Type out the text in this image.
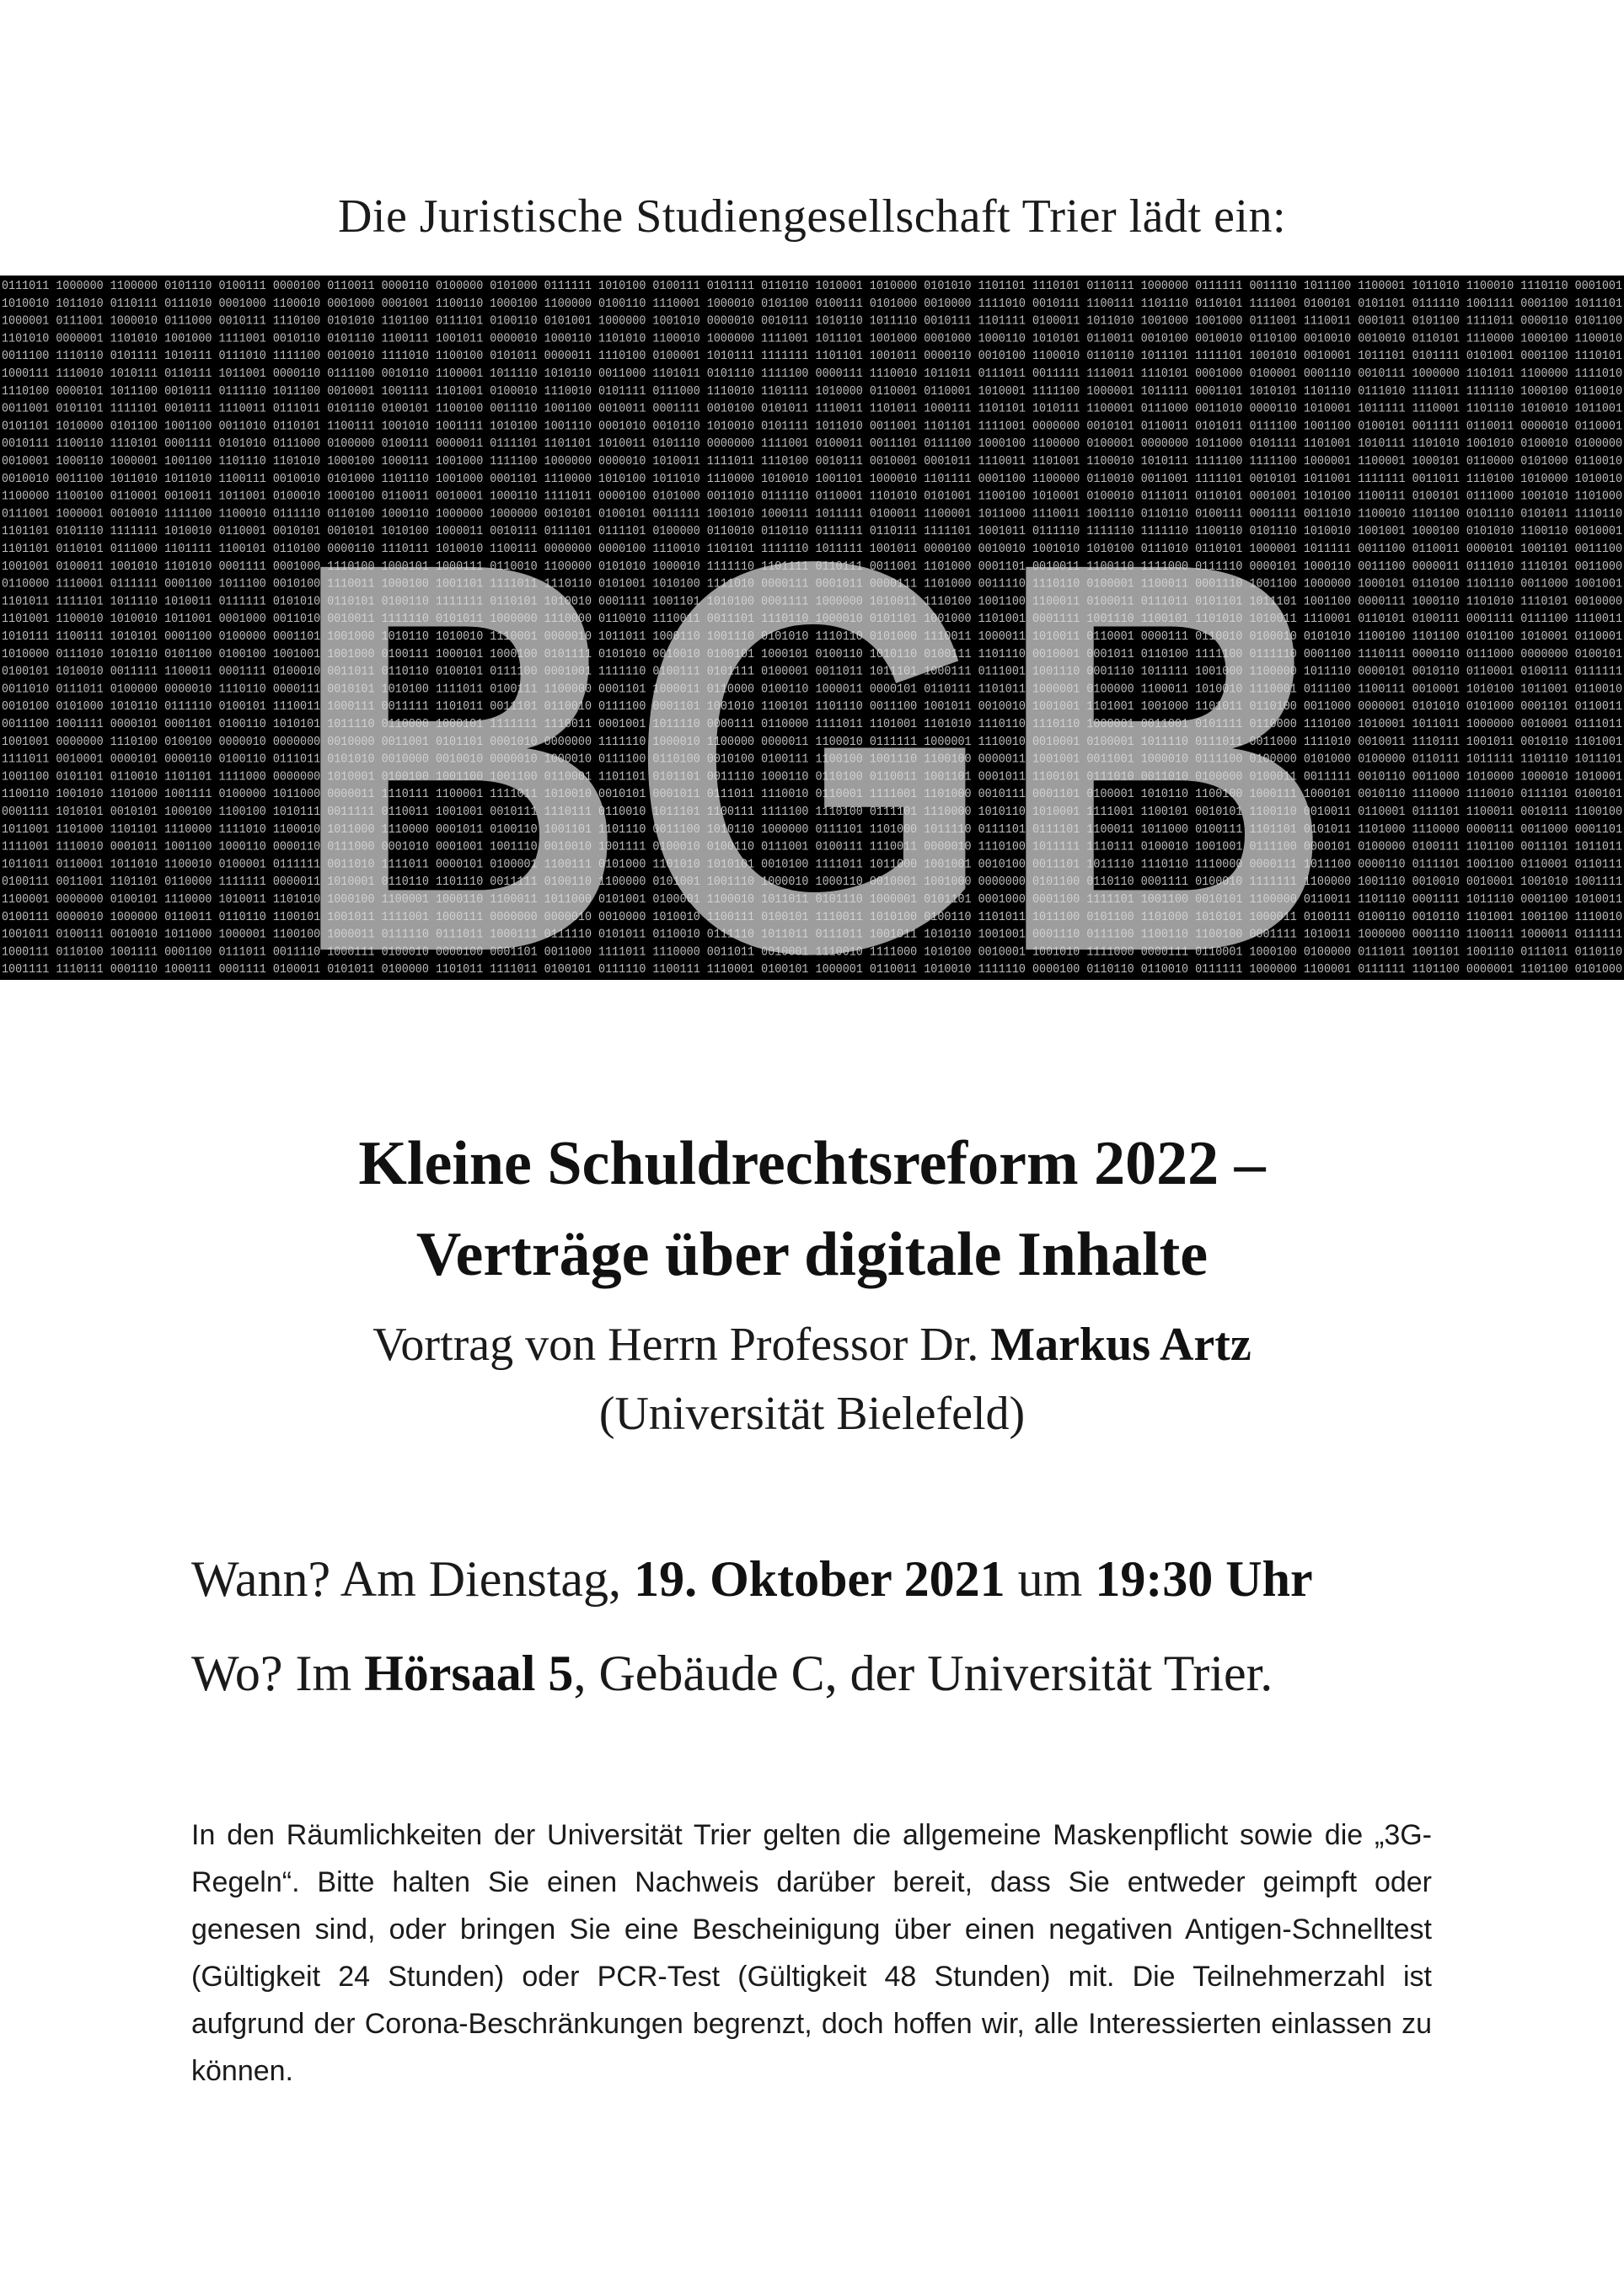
Die Juristische Studiengesellschaft Trier lädt ein:
0111011 1000000 1100000 0101110 0100111 0000100 0110011 0000110 0100000 0101000 0111111 1010100 0100111 0101111 0110110 1010001 1010000 0101010 1101101 1110101 0110111 1000000 0111111 0011110 1011100 1100001 1011010 1100010 1110110 0001001
1010010 1011010 0110111 0111010 0001000 1100010 0001000 0001001 1100110 1000100 1100000 0100110 1110001 1000010 0101100 0100111 0101000 0010000 1111010 0010111 1100111 1101110 0110101 1111001 0100101 0101101 0111110 1001111 0001100 1011101
1000001 0111001 1000010 0111000 0010111 1110100 0101010 1101100 0111101 0100110 0101001 1000000 1001010 0000010 0010111 1010110 1011110 0010111 1101111 0100011 1011010 1001000 1001000 0111001 1110011 0001011 0101100 1111011 0000110 0101100
1101010 0000001 1101010 1001000 1111001 0010110 0101110 1100111 1001011 0000010 1000110 1101010 1100010 1000000 1111001 1011101 1001000 0001000 1000110 1010101 0110011 0010100 0010010 0110100 0010010 0010010 0110101 1110000 1000100 1100010
0011100 1110110 0101111 1010111 0111010 1111100 0010010 1111010 1100100 0101011 0000011 1110100 0100001 1010111 1111111 1101101 1001011 0000110 0010100 1100010 0110110 1011101 1111101 1001010 0010001 1011101 0101111 0101001 0001100 1110101
1000111 1110010 1010111 0110111 1011001 0000110 0111100 0010110 1100001 1011110 1010110 0011000 1101011 0101110 1111100 0000111 1110010 1011011 0111011 0011111 1110011 1110101 0001000 0100001 0001110 0010111 1000000 1101011 1100000 1111010
1110100 0000101 1011100 0010111 0111110 1011100 0010001 1001111 1101001 0100010 1110010 0101111 0111000 1110010 1101111 1010000 0110001 0110001 1010001 1111100 1000001 1011111 0001101 1010101 1101110 0111010 1111011 1111110 1000100 0110010
0011001 0101101 1111101 0010111 1110011 0111011 0101110 0100101 1100100 0011110 1001100 0010011 0001111 0010100 0101011 1110011 1101011 1000111 1101101 1010111 1100001 0111000 0011010 0000110 1010001 1011111 1110001 1101110 1010010 1011001
0101101 1010000 0101100 1001100 0011010 0110101 1100111 1001010 1001111 1010100 1001110 0001010 0010110 1010010 0101111 1011010 0011001 1101101 1111001 0000000 0010101 0110011 0101011 0111100 1001100 0100101 0011111 0110011 0000010 0110001
0010111 1100110 1110101 0001111 0101010 0111000 0100000 0100111 0000011 0111101 1101101 1010011 0101110 0000000 1111001 0100011 0011101 0111100 1000100 1100000 0100001 0000000 1011000 0101111 1101001 1010111 1101010 1001010 0100010 0100000
0010001 1000110 1000001 1001100 1101110 1101010 1000100 1000111 1001000 1111100 1000000 0000010 1010011 1111011 1110100 0010111 0010001 0001011 1110011 1101001 1100010 1010111 1111100 1111100 1000001 1100001 1000101 0110000 0101000 0110010
0010010 0011100 1011010 1011010 1100111 0010010 0101000 1101110 1001000 0001101 1110000 1010100 1011010 1110000 1010010 1001101 1000010 1101111 0001100 1100000 0110010 0011001 1111101 0010101 1011001 1111111 0011011 1110100 1010000 1010010
1100000 1100100 0110001 0010011 1011001 0100010 1000100 0110011 0010001 1000110 1111011 0000100 0101000 0011010 0111110 0110001 1101010 0101001 1100100 1010001 0100010 0111011 0110101 0001001 1010100 1100111 0100101 0111000 1001010 1101000
0111001 1000001 0010010 1111100 1100010 0111110 0110100 1000110 1000000 1000000 0010101 0100101 0011111 1001010 1000111 1011111 0100011 1100001 1011000 1110011 1001110 0110110 0100111 0001111 0011010 1100010 1101100 0101110 0101011 1110110
1101101 0101110 1111111 1010010 0110001 0010101 0010101 1010100 1000011 0010111 0111101 0111101 0100000 0110010 0110110 0111111 0110111 1111101 1001011 0111110 1111110 1111110 1100110 0101110 1010010 1001001 1000100 0101010 1100110 0010001
1101101 0110101 0111000 1101111 1100101 0110100 0000110 1110111 1010010 1100111 0000000 0000100 1110010 1101101 1111110 1011111 1001011 0000100 0010010 1001010 1010100 0111010 0110101 1000001 1011111 0011100 0110011 0000101 1001101 0011100
1001001 0100011 1001010 1101010 0001111 0001000 1110100 1000101 1000111 0110010 1100000 0101010 1000010 1111110 1101111 0110111 0011001 1101000 0001101 0010011 1100110 1111000 0111110 0000101 1000110 0011100 0000011 0111010 1110101 0011000
0110000 1110001 0111111 0001100 1011100 0010100 1110011 1000100 1001101 1111011 1110110 0101001 1010100 1111010 0000111 0001011 0000111 1101000 0011110 1110110 0100001 1100011 0001110 1001100 1000000 1000101 0110100 1101110 0011000 1001001
1101011 1111101 1011110 1010011 0111111 0101010 0110101 0100110 1111111 0110101 1010010 0001111 1001101 1010100 0001111 1000000 1010011 1110100 1001100 1100011 0100011 0111011 0101101 1011101 1001100 0000111 1000110 1101010 1110101 0010000
1101001 1100010 1010010 1011001 0001000 0011010 0010011 1111110 0101011 1000000 1110000 0110010 1110011 0011101 1110110 1000010 0101101 1001000 1101001 0001111 1001110 1100101 1101010 1010011 1110001 0110101 0100111 0001111 0111100 1110011
1010111 1100111 1010101 0001100 0100000 0001101 1001000 1010110 1010010 1110001 0000010 1011011 1000110 1001110 0101010 1110110 0101000 1110011 1000011 1010011 0110001 0000111 0110010 0100010 0101010 1100100 1101100 0101100 1010001 0110001
1010000 0111010 1010110 0101100 0100100 1001001 1001000 0100111 1000101 1000100 0101111 0101010 0010010 0100101 1000101 0100110 1010110 0100111 1101110 0010001 0001011 0110100 1111100 0111110 0001100 1110111 0000110 0111000 0000000 0100101
0100101 1010010 0011111 1100011 0001111 0100010 0011011 0110110 0100101 0111100 0001001 1111110 0100111 0101111 0100001 0011011 1011101 1000111 0111001 1001110 0001110 1011111 1001000 1100000 1011110 0000101 0010110 0110001 0100111 0111111
0011010 0111011 0100000 0000010 1110110 0000111 0010101 1010100 1111011 0100111 1100000 0001101 1000011 0110000 0100110 1000011 0000101 0110111 1101011 1000001 0100000 1100011 1010010 1110001 0111100 1100111 0010001 1010100 1011001 0110010
0010100 0101000 1010110 0111110 0100101 1110011 1000111 0011111 1101011 0011101 0110010 0111100 0001101 1001010 1100101 1101110 0011100 1001011 0010010 1001001 1101001 1001000 1101011 0110100 0011000 0000001 0101010 0101000 0001101 0110011
0011100 1001111 0000101 0001101 0100110 1010101 1011110 0110000 1000101 1111111 1110011 0001001 1011110 0000111 0110000 1111011 1101001 1101010 1110110 1110110 1000001 0011001 0101111 0110000 1110100 1010001 1011011 1000000 0010001 0111011
1001001 0000000 1110100 0100100 0000010 0000000 0010000 0011001 0101101 0001010 0000000 1111110 1000010 1100000 0000011 1100010 0111111 1000001 1110010 0010001 0100001 1011110 0111011 0011000 1111010 0010011 1110111 1001011 0010110 1101001
1111011 0010001 0000101 0000110 0100110 0111011 0101010 0010000 0010010 0000010 1000010 0111100 0110100 0010100 0100111 1100100 1001110 1100100 0000011 1001001 0011001 1000010 0111100 0100000 0101000 0100000 0110111 1011111 1101110 1011101
1001100 0101101 0110010 1101101 1111000 0000000 1010001 0100100 1001100 1001100 0110001 1101101 0101101 0011110 1000110 0110100 0110011 1001101 0001011 1100101 0111010 0011010 0100000 0100011 0011111 0010110 0011000 1010000 1000010 1010001
1100110 1001010 1101000 1001111 0100000 1011000 0000011 1110111 1100001 1111011 1010010 0010101 0001011 0111011 1110010 0110001 1111001 1101000 0010111 0001101 0100001 1010110 1100100 1000111 1000101 0010110 1110000 1110010 0111101 0100101
0001111 1010101 0010101 1000100 1100100 1010111 0011111 0110011 1001001 0010111 1110111 0110010 1011101 1100111 1111100 1110100 0111101 1110000 1010110 1010001 1111001 1100101 0010101 1100110 0010011 0110001 0111101 1100011 0010111 1100100
1011001 1101000 1101101 1110000 1111010 1100010 1011000 1110000 0001011 0100110 1001101 1101110 0011100 1010110 1000000 0111101 1101000 1011110 0111101 0111101 1100011 1011000 0100111 1101101 0101011 1101000 1110000 0000111 0011000 0001101
1111001 1110010 0001011 1001100 1000110 0000110 0111000 0001010 0001001 1001110 0010010 1001111 0100010 0100110 0111001 0100111 1110011 0000010 1110100 1011111 1110111 0100010 1001001 0111100 0000101 0100000 0100111 1101100 0011101 1011011
1011011 0110001 1011010 1100010 0100001 0111111 0011010 1111011 0000101 0100001 1100111 0101000 1101010 1010101 0010100 1111011 1011000 1001001 0010100 0011101 1011110 1110110 1110000 0000111 1011100 0000110 0111101 1001100 0110001 0110111
0100111 0011001 1101101 0110000 1111111 0000011 1010001 0110110 1101110 0011111 0100110 1100000 0101001 1001110 1000010 1000110 0010001 1001000 0000000 0101100 0110110 0001111 0100010 1111111 1100000 1001110 0010010 0010001 1001010 1001111
1100001 0000000 0100101 1110000 1010011 1101010 1000100 1100001 1000110 1100011 1011000 0101001 0100001 1100010 1011011 0101110 1000001 0101101 0001000 0001100 1111101 1001100 0010101 1100000 0110011 1101110 0001111 1011110 0001100 1010011
0100111 0000010 1000000 0110011 0110110 1100101 1001011 1111001 1000111 0000000 0000010 0010000 1010010 1100111 0100101 1110011 1010100 0100110 1101011 1011100 0101100 1101000 1010101 1000011 0100111 0100110 0010110 1101001 1001100 1110010
1001011 0100111 0010010 1011000 1000001 1100100 1000011 0111110 0111011 1000111 0111110 0101011 0110010 0111110 1011011 0111011 1001011 1010110 1001001 0001110 0111100 1100110 1100100 0001111 1010011 1000000 0001110 1100111 1000011 0111111
1000111 0110100 1001111 0001100 0111011 0011110 1000111 0100010 0000100 0001101 0011000 1111011 1110000 0011011 0010001 1110010 1111000 1010100 0010001 1001010 1111000 0000111 0110001 1000100 0100000 0111011 1001101 1001110 0111011 0110110
1001111 1110111 0001110 1000111 0001111 0100011 0101011 0100000 1101011 1111011 0100101 0111110 1100111 1110001 0100101 1000001 0110011 1010010 1111110 0000100 0110110 0110010 0111111 1000000 1100001 0111111 1101100 0000001 1101100 0101000
BGB
Kleine Schuldrechtsreform 2022 –
Verträge über digitale Inhalte
Vortrag von Herrn Professor Dr. Markus Artz
(Universität Bielefeld)
Wann? Am Dienstag, 19. Oktober 2021 um 19:30 Uhr
Wo? Im Hörsaal 5, Gebäude C, der Universität Trier.
In den Räumlichkeiten der Universität Trier gelten die allgemeine Maskenpflicht sowie die „3G-Regeln“. Bitte halten Sie einen Nachweis darüber bereit, dass Sie entweder geimpft oder genesen sind, oder bringen Sie eine Bescheinigung über einen negativen Antigen-Schnelltest (Gültigkeit 24 Stunden) oder PCR-Test (Gültigkeit 48 Stunden) mit. Die Teilnehmerzahl ist aufgrund der Corona-Beschränkungen begrenzt, doch hoffen wir, alle Interessierten einlassen zu können.
